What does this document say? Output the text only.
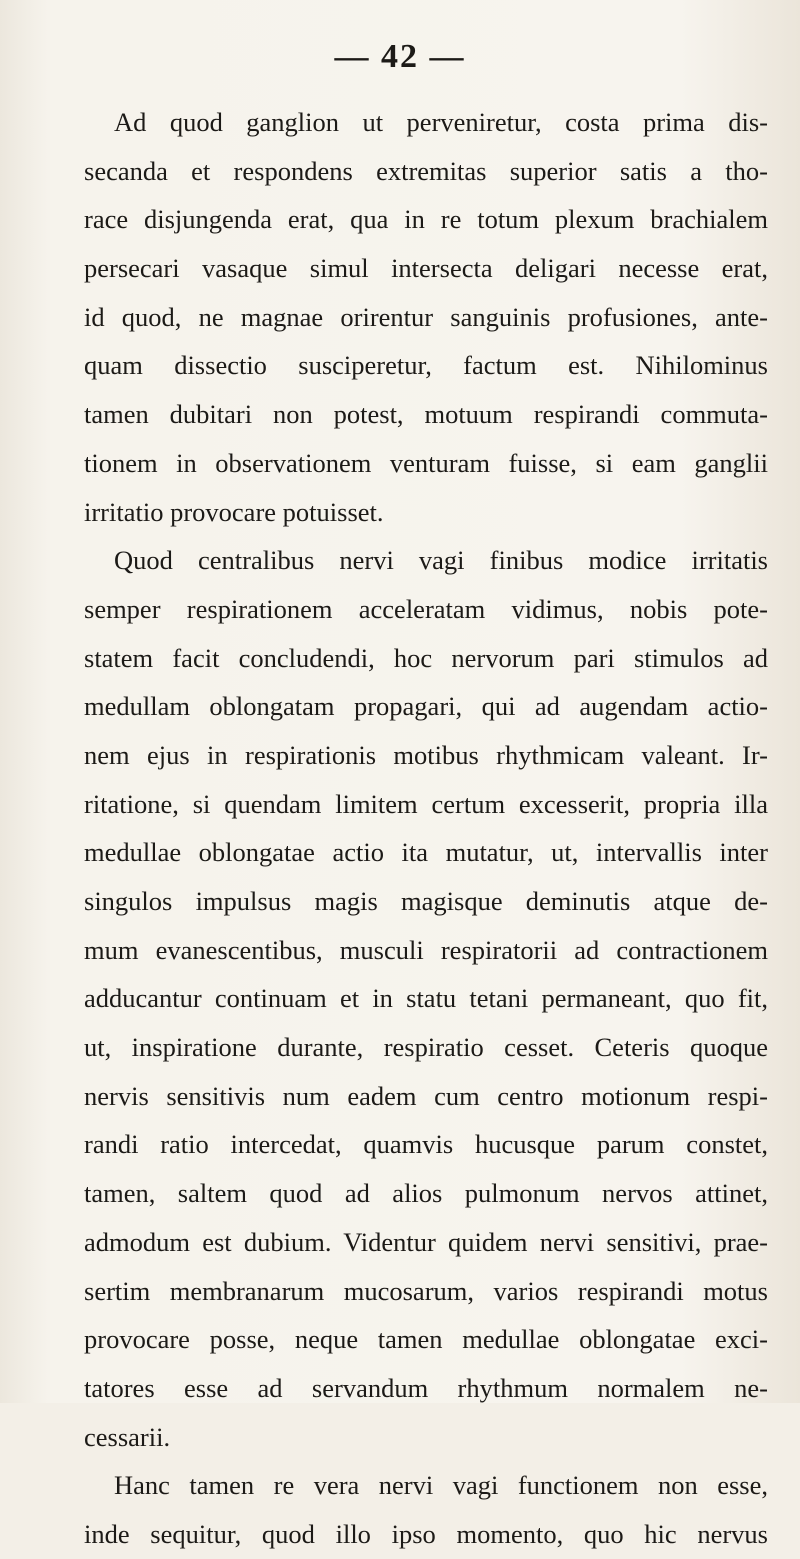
— 42 —
Ad quod ganglion ut perveniretur, costa prima dis-
secanda et respondens extremitas superior satis a tho-
race disjungenda erat, qua in re totum plexum brachialem
persecari vasaque simul intersecta deligari necesse erat,
id quod, ne magnae orirentur sanguinis profusiones, ante-
quam dissectio susciperetur, factum est. Nihilominus
tamen dubitari non potest, motuum respirandi commuta-
tionem in observationem venturam fuisse, si eam ganglii
irritatio provocare potuisset.
Quod centralibus nervi vagi finibus modice irritatis
semper respirationem acceleratam vidimus, nobis pote-
statem facit concludendi, hoc nervorum pari stimulos ad
medullam oblongatam propagari, qui ad augendam actio-
nem ejus in respirationis motibus rhythmicam valeant. Ir-
ritatione, si quendam limitem certum excesserit, propria illa
medullae oblongatae actio ita mutatur, ut, intervallis inter
singulos impulsus magis magisque deminutis atque de-
mum evanescentibus, musculi respiratorii ad contractionem
adducantur continuam et in statu tetani permaneant, quo fit,
ut, inspiratione durante, respiratio cesset. Ceteris quoque
nervis sensitivis num eadem cum centro motionum respi-
randi ratio intercedat, quamvis hucusque parum constet,
tamen, saltem quod ad alios pulmonum nervos attinet,
admodum est dubium. Videntur quidem nervi sensitivi, prae-
sertim membranarum mucosarum, varios respirandi motus
provocare posse, neque tamen medullae oblongatae exci-
tatores esse ad servandum rhythmum normalem ne-
cessarii.
Hanc tamen re vera nervi vagi functionem non esse,
inde sequitur, quod illo ipso momento, quo hic nervus
